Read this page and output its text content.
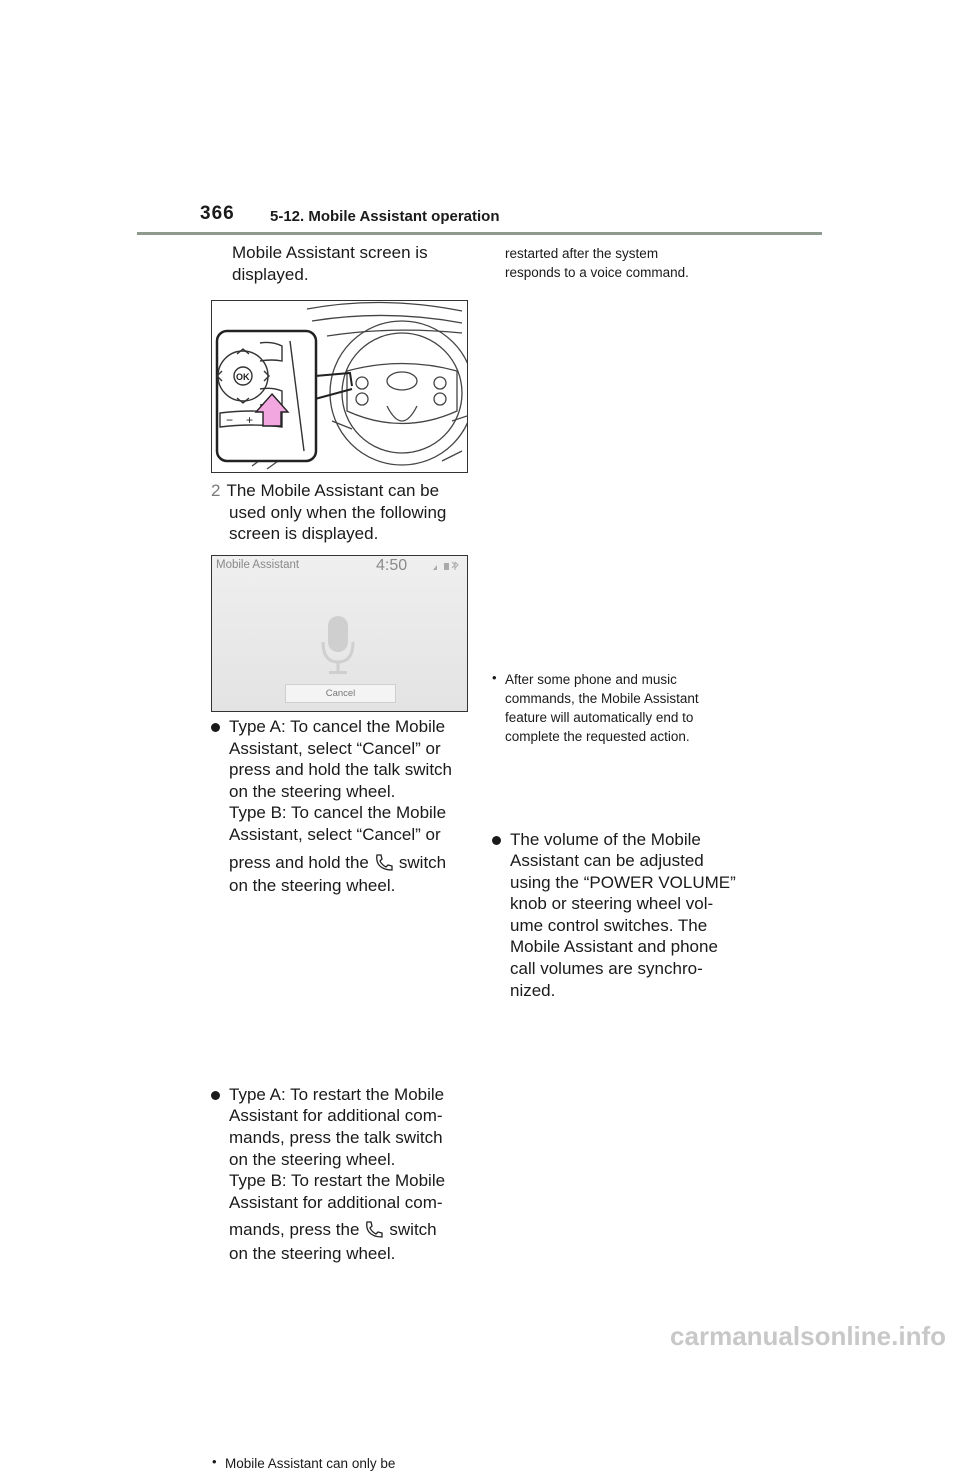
366 5-12. Mobile Assistant operation

Mobile Assistant screen is

displayed.

OK
− +

2 The Mobile Assistant can be

used only when the following

screen is displayed.

Mobile Assistant	4:50
Cancel

Type A: To cancel the Mobile

Assistant, select “Cancel” or

press and hold the talk switch

on the steering wheel.

Type B: To cancel the Mobile

Assistant, select “Cancel” or

press and hold the switch

on the steering wheel.

Type A: To restart the Mobile

Assistant for additional com-

mands, press the talk switch

on the steering wheel.

Type B: To restart the Mobile

Assistant for additional com-

mands, press the switch

on the steering wheel.

• Mobile Assistant can only be

restarted after the system

responds to a voice command.

• After some phone and music

commands, the Mobile Assistant

feature will automatically end to

complete the requested action.

The volume of the Mobile

Assistant can be adjusted

using the “POWER VOLUME”

knob or steering wheel vol-

ume control switches. The

Mobile Assistant and phone

call volumes are synchro-

nized.

carmanualsonline.info
